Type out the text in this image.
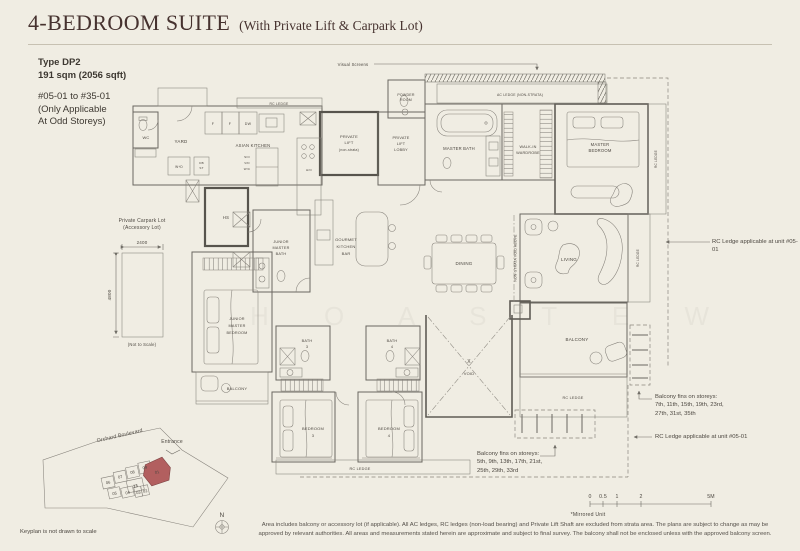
H O A S T E W
Visual Screens
AC LEDGE (NON-STRATA)
RC LEDGE
WC
YARD
ASIAN KITCHEN
F	F	DW
W+D
DB
ST
S/O
V/D
W/C	H/O
HS
PRIVATE
LIFT
(non-strata)
PRIVATE
LIFT
LOBBY
POWDER
ROOM
MASTER BATH	WALK-IN
WARDROBE
MASTER
BEDROOM	RC LEDGE
JUNIOR
MASTER
BATH
GOURMET
KITCHEN
BAR
DINING
LIVING
NON-STRATA VOID ABOVE	RC LEDGE
JUNIOR
MASTER
BEDROOM
BALCONY
BATH
3
BATH
4
BEDROOM
3
BEDROOM
4
X
VOID
BALCONY
RC LEDGE
RC LEDGE
Private Carpark Lot
(Accessory Lot)
2400
4800
(Not to Scale)
Orchard Boulevard	Entrance
06
07
08
09
23
05 04 03 02
01
N
0 0.5 1	2	5M
*Mirrored Unit
4-BEDROOM SUITE (With Private Lift & Carpark Lot)
Type DP2
191 sqm (2056 sqft)
#05-01 to #35-01
(Only Applicable
At Odd Storeys)
RC Ledge applicable at unit #05-01
Balcony fins on storeys:
7th, 11th, 15th, 19th, 23rd,
27th, 31st, 35th
RC Ledge applicable at unit #05-01
Balcony fins on storeys:
5th, 9th, 13th, 17th, 21st,
25th, 29th, 33rd
Keyplan is not drawn to scale
Area includes balcony or accessory lot (if applicable). All AC ledges, RC ledges (non-load bearing) and Private Lift Shaft are excluded from strata area. The plans are subject to change as may be
approved by relevant authorities. All areas and measurements stated herein are approximate and subject to final survey. The balcony shall not be enclosed unless with the approved balcony screen.
